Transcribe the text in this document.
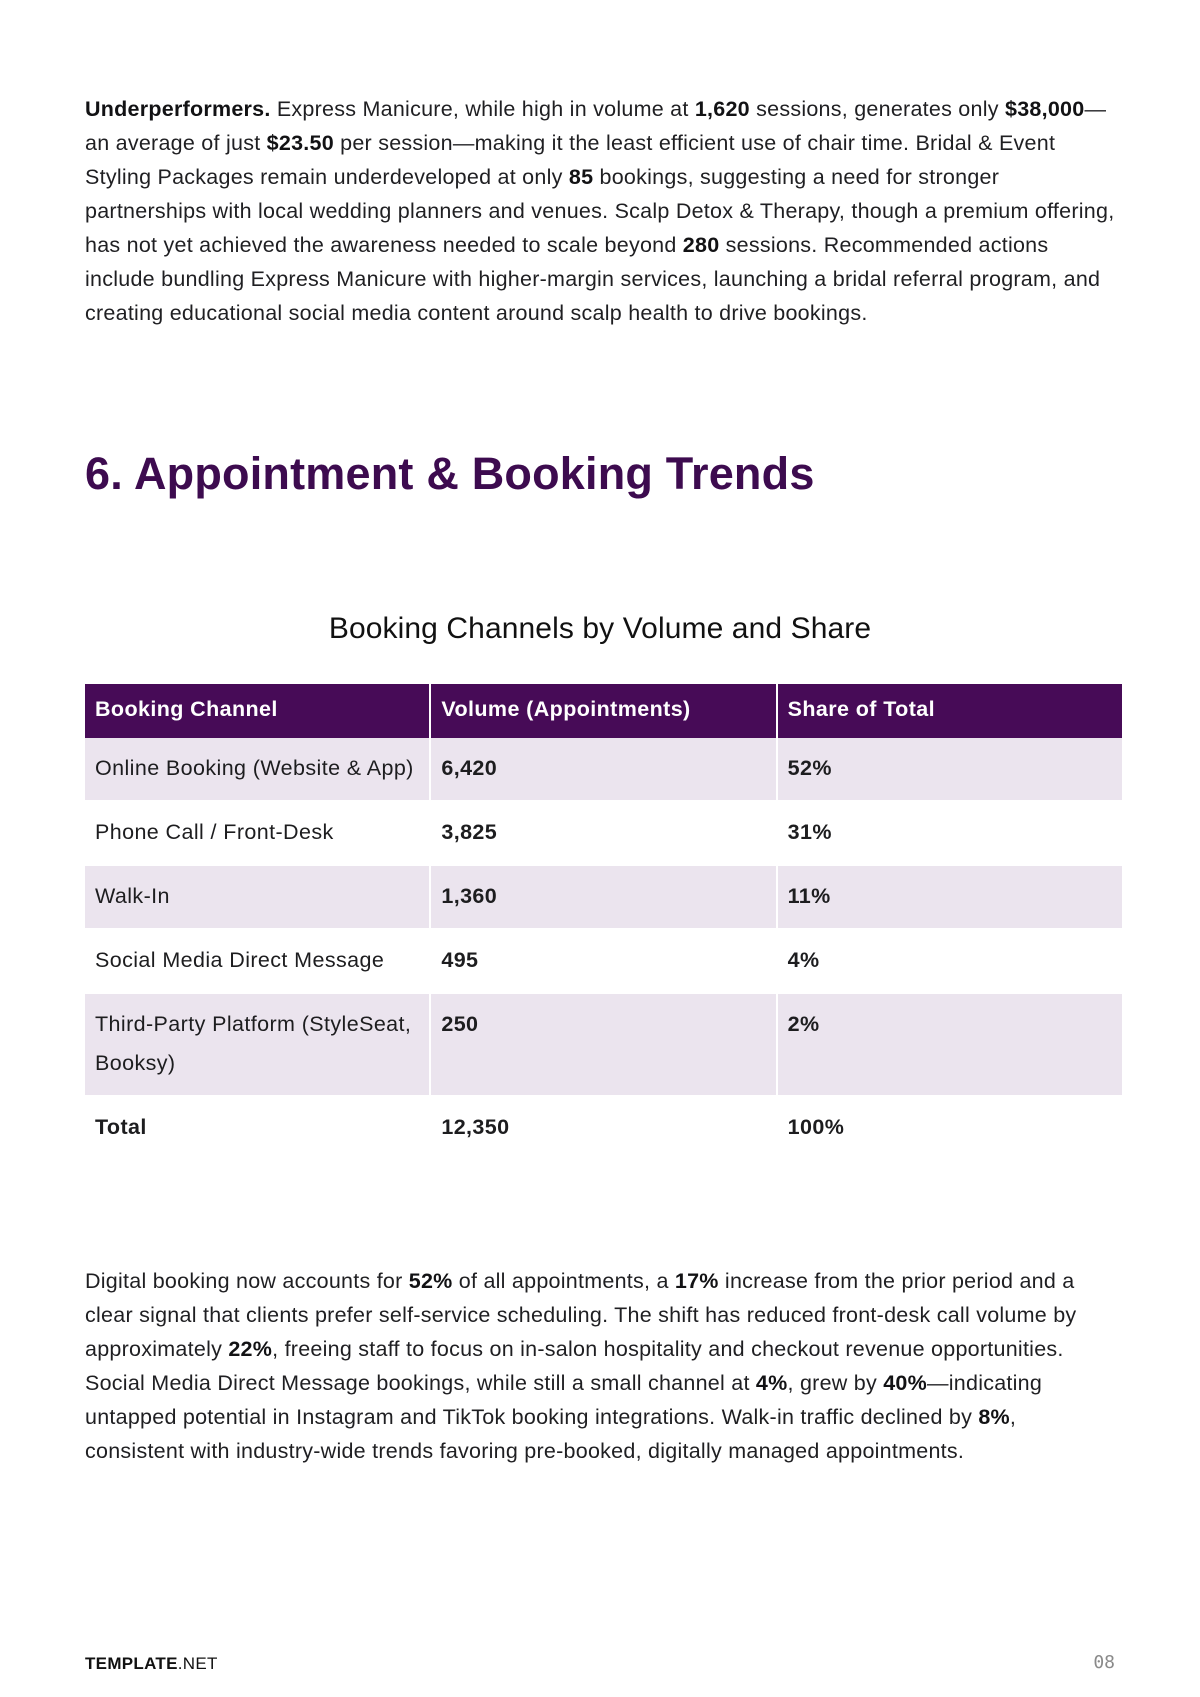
Underperformers. Express Manicure, while high in volume at 1,620 sessions, generates only $38,000—an average of just $23.50 per session—making it the least efficient use of chair time. Bridal & Event Styling Packages remain underdeveloped at only 85 bookings, suggesting a need for stronger partnerships with local wedding planners and venues. Scalp Detox & Therapy, though a premium offering, has not yet achieved the awareness needed to scale beyond 280 sessions. Recommended actions include bundling Express Manicure with higher-margin services, launching a bridal referral program, and creating educational social media content around scalp health to drive bookings.

6. Appointment & Booking Trends
Booking Channels by Volume and Share
Booking Channel	Volume (Appointments)	Share of Total
Online Booking (Website & App)	6,420	52%
Phone Call / Front-Desk	3,825	31%
Walk-In	1,360	11%
Social Media Direct Message	495	4%
Third-Party Platform (StyleSeat, Booksy)	250	2%
Total	12,350	100%

Digital booking now accounts for 52% of all appointments, a 17% increase from the prior period and a clear signal that clients prefer self-service scheduling. The shift has reduced front-desk call volume by approximately 22%, freeing staff to focus on in-salon hospitality and checkout revenue opportunities. Social Media Direct Message bookings, while still a small channel at 4%, grew by 40%—indicating untapped potential in Instagram and TikTok booking integrations. Walk-in traffic declined by 8%, consistent with industry-wide trends favoring pre-booked, digitally managed appointments.

TEMPLATE.NET	08
